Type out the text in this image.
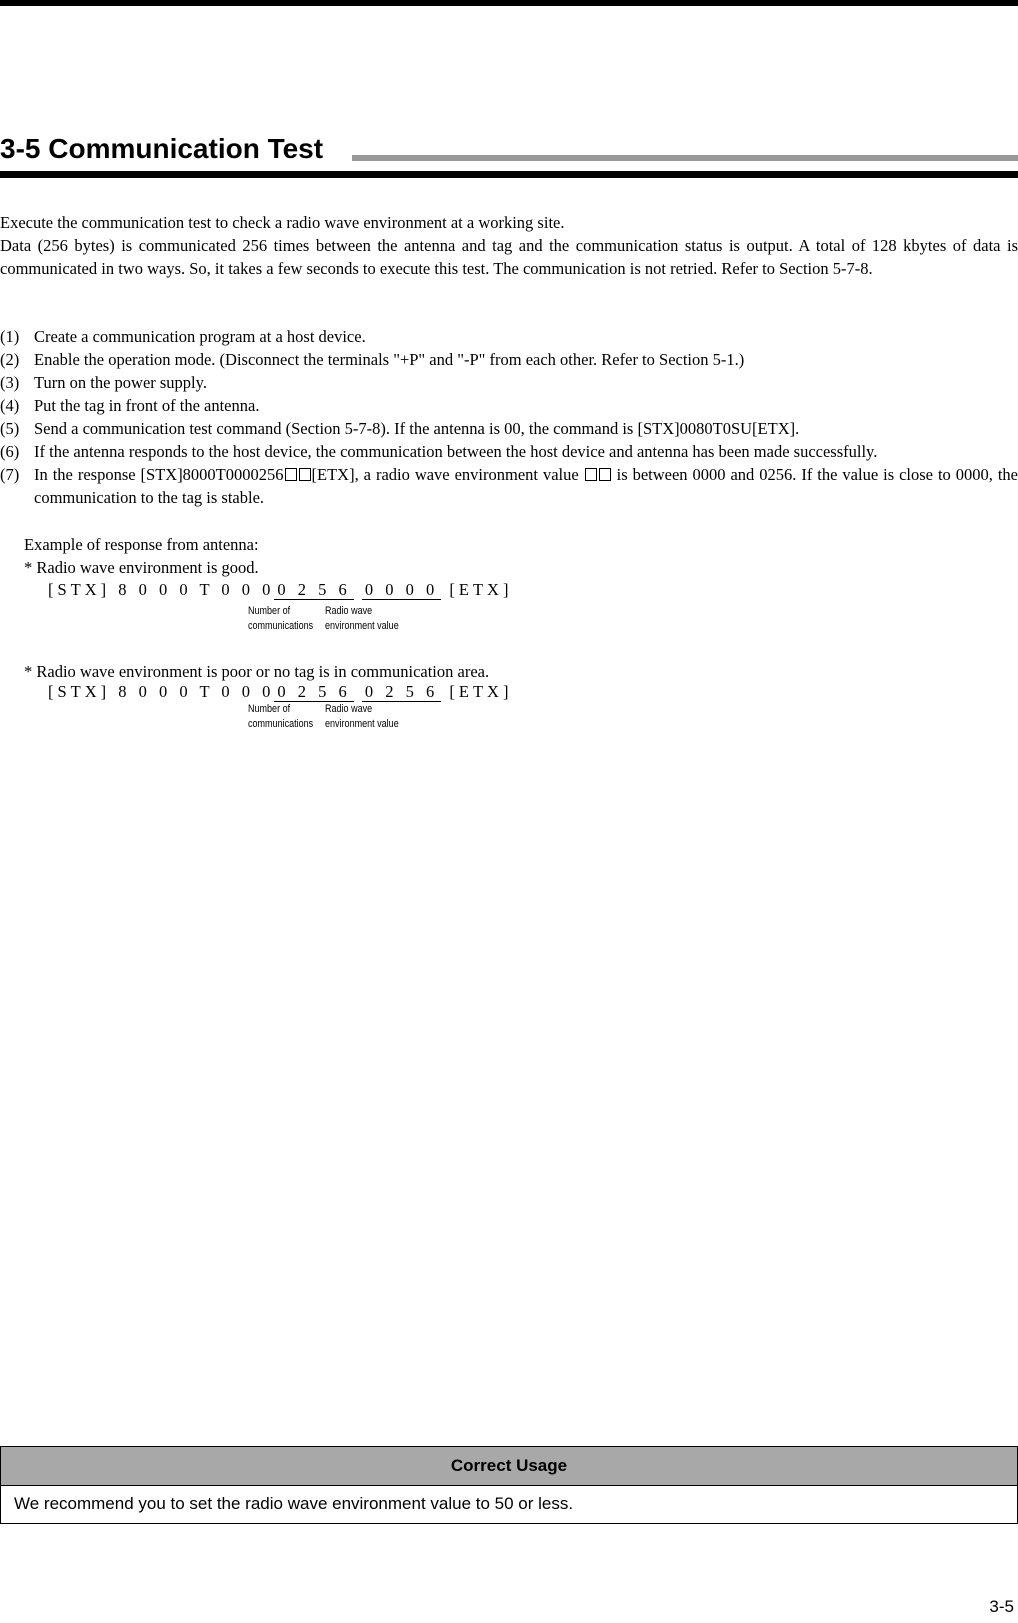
3-5 Communication Test

Execute the communication test to check a radio wave environment at a working site.

Data (256 bytes) is communicated 256 times between the antenna and tag and the communication status is output. A total of 128 kbytes of data is communicated in two ways. So, it takes a few seconds to execute this test. The communication is not retried. Refer to Section 5-7-8.

(1) Create a communication program at a host device.
(2) Enable the operation mode. (Disconnect the terminals "+P" and "-P" from each other. Refer to Section 5-1.)
(3) Turn on the power supply.
(4) Put the tag in front of the antenna.
(5) Send a communication test command (Section 5-7-8). If the antenna is 00, the command is [STX]0080T0SU[ETX].
(6) If the antenna responds to the host device, the communication between the host device and antenna has been made successfully.
(7) In the response [STX]8000T0000256 [ETX], a radio wave environment value  is between 0000 and 0256. If the value is close to 0000, the communication to the tag is stable.
Example of response from antenna:
* Radio wave environment is good.
[STX] 8 0 0 0 T 0 0 0 0 2 5 6 0 0 0 0 [ETX]
Number of
communications
Radio wave
environment value
* Radio wave environment is poor or no tag is in communication area.
[STX] 8 0 0 0 T 0 0 0 0 2 5 6 0 2 5 6 [ETX]
Number of
communications
Radio wave
environment value
Correct Usage
We recommend you to set the radio wave environment value to 50 or less.
3-5
